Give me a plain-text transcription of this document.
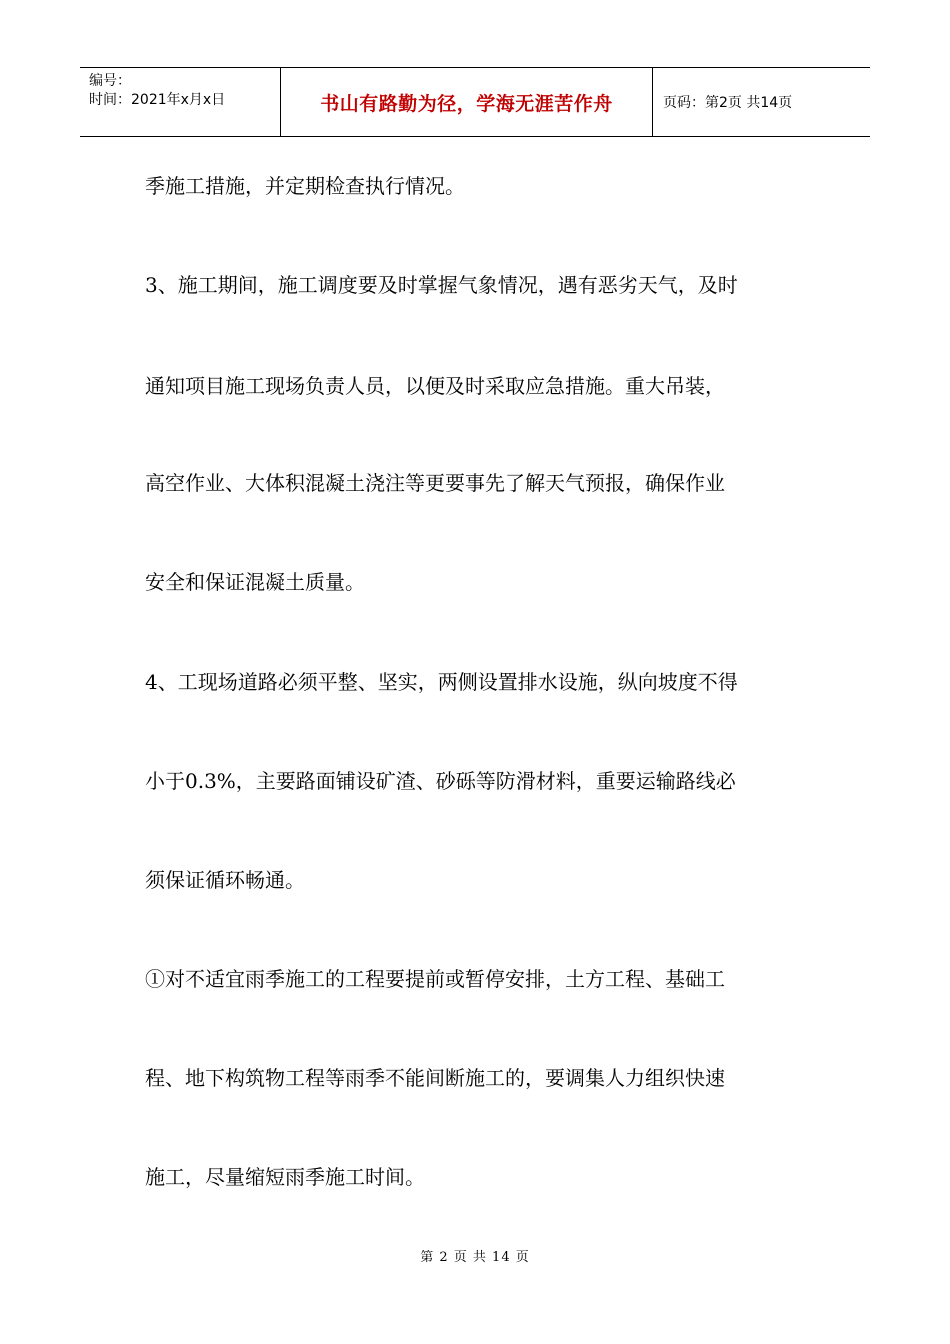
编号：
时间：2021年x月x日	书山有路勤为径，学海无涯苦作舟	页码：第2页 共14页
季施工措施，并定期检查执行情况。
3、施工期间，施工调度要及时掌握气象情况，遇有恶劣天气，及时
通知项目施工现场负责人员，以便及时采取应急措施。重大吊装，
高空作业、大体积混凝土浇注等更要事先了解天气预报，确保作业
安全和保证混凝土质量。
4、工现场道路必须平整、坚实，两侧设置排水设施，纵向坡度不得
小于0.3%，主要路面铺设矿渣、砂砾等防滑材料，重要运输路线必
须保证循环畅通。
①对不适宜雨季施工的工程要提前或暂停安排，土方工程、基础工
程、地下构筑物工程等雨季不能间断施工的，要调集人力组织快速
施工，尽量缩短雨季施工时间。
第 2 页 共 14 页
